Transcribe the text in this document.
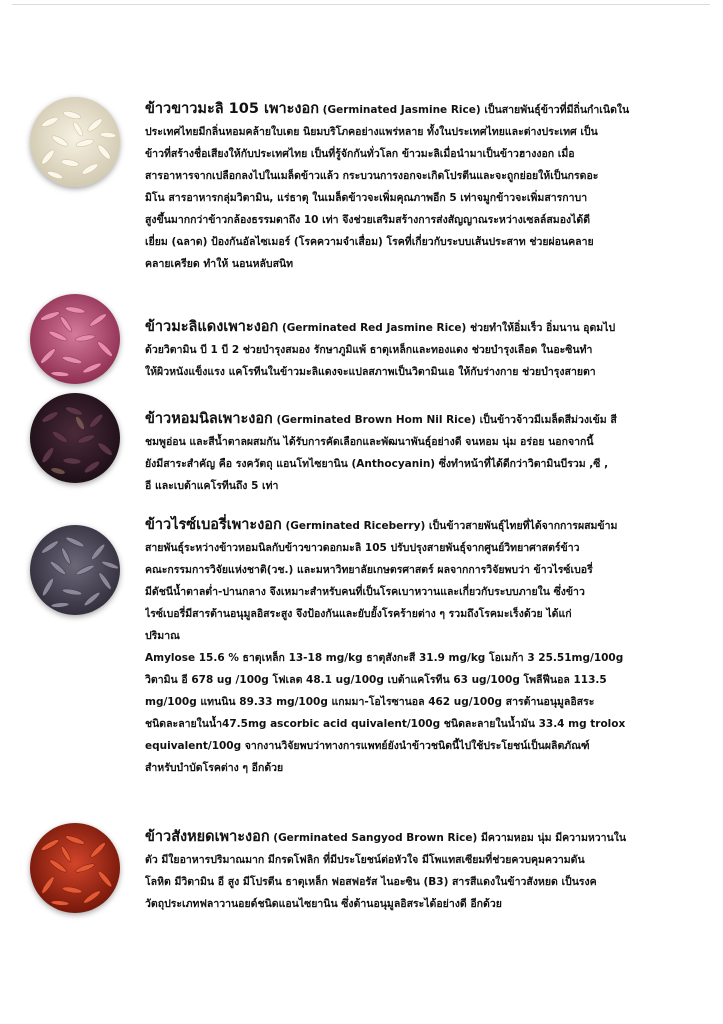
ข้าวขาวมะลิ 105 เพาะงอก (Germinated Jasmine Rice) เป็นสายพันธุ์ข้าวที่มีถิ่นกำเนิดใน
ประเทศไทยมีกลิ่นหอมคล้ายใบเตย นิยมบริโภคอย่างแพร่หลาย ทั้งในประเทศไทยและต่างประเทศ เป็น
ข้าวที่สร้างชื่อเสียงให้กับประเทศไทย เป็นที่รู้จักกันทั่วโลก ข้าวมะลิเมื่อนำมาเป็นข้าวฮางงอก เมื่อ
สารอาหารจากเปลือกลงไปในเมล็ดข้าวแล้ว กระบวนการงอกจะเกิดโปรตีนและจะถูกย่อยให้เป็นกรดอะ
มิโน สารอาหารกลุ่มวิตามิน, แร่ธาตุ ในเมล็ดข้าวจะเพิ่มคุณภาพอีก 5 เท่าจมูกข้าวจะเพิ่มสารกาบา
สูงขึ้นมากกว่าข้าวกล้องธรรมดาถึง 10 เท่า จึงช่วยเสริมสร้างการส่งสัญญาณระหว่างเซลล์สมองได้ดี
เยี่ยม (ฉลาด) ป้องกันอัลไซเมอร์ (โรคความจำเสื่อม) โรคที่เกี่ยวกับระบบเส้นประสาท ช่วยผ่อนคลาย
คลายเครียด ทำให้ นอนหลับสนิท

ข้าวมะลิแดงเพาะงอก (Germinated Red Jasmine Rice) ช่วยทำให้อิ่มเร็ว อิ่มนาน อุดมไป
ด้วยวิตามิน บี 1 บี 2 ช่วยบำรุงสมอง รักษาภูมิแพ้ ธาตุเหล็กและทองแดง ช่วยบำรุงเลือด ในอะซินทำ
ให้ผิวหนังแข็งแรง แคโรทีนในข้าวมะลิแดงจะแปลสภาพเป็นวิตามินเอ ให้กับร่างกาย ช่วยบำรุงสายตา

ข้าวหอมนิลเพาะงอก (Germinated Brown Hom Nil Rice) เป็นข้าวจ้าวมีเมล็ดสีม่วงเข้ม สี
ชมพูอ่อน และสีน้ำตาลผสมกัน ได้รับการคัดเลือกและพัฒนาพันธุ์อย่างดี จนหอม นุ่ม อร่อย นอกจากนี้
ยังมีสาระสำคัญ คือ รงควัตถุ แอนโทไซยานิน (Anthocyanin) ซึ่งทำหน้าที่ได้ดีกว่าวิตามินบีรวม ,ซี ,
อี และเบต้าแคโรทีนถึง 5 เท่า

ข้าวไรซ์เบอรี่เพาะงอก (Germinated Riceberry) เป็นข้าวสายพันธุ์ไทยที่ได้จากการผสมข้าม
สายพันธุ์ระหว่างข้าวหอมนิลกับข้าวขาวดอกมะลิ 105 ปรับปรุงสายพันธุ์จากศูนย์วิทยาศาสตร์ข้าว
คณะกรรมการวิจัยแห่งชาติ(วช.) และมหาวิทยาลัยเกษตรศาสตร์ ผลจากการวิจัยพบว่า ข้าวไรซ์เบอรี่
มีดัชนีน้ำตาลต่ำ-ปานกลาง จึงเหมาะสำหรับคนที่เป็นโรคเบาหวานและเกี่ยวกับระบบภายใน ซึ่งข้าว
ไรซ์เบอรี่มีสารต้านอนุมูลอิสระสูง จึงป้องกันและยับยั้งโรคร้ายต่าง ๆ รวมถึงโรคมะเร็งด้วย ได้แก่
ปริมาณ
Amylose 15.6 % ธาตุเหล็ก 13-18 mg/kg ธาตุสังกะสี 31.9 mg/kg โอเมก้า 3 25.51mg/100g
วิตามิน อี 678 ug /100g โฟเลต 48.1 ug/100g เบต้าแคโรทีน 63 ug/100g โพลีฟีนอล 113.5
mg/100g แทนนิน 89.33 mg/100g แกมมา-โอไรซานอล 462 ug/100g สารต้านอนุมูลอิสระ
ชนิดละลายในน้ำ47.5mg ascorbic acid quivalent/100g ชนิดละลายในน้ำมัน 33.4 mg trolox
equivalent/100g จากงานวิจัยพบว่าทางการแพทย์ยังนำข้าวชนิดนี้ไปใช้ประโยชน์เป็นผลิตภัณฑ์
สำหรับบำบัดโรคต่าง ๆ อีกด้วย

ข้าวสังหยดเพาะงอก (Germinated Sangyod Brown Rice) มีความหอม นุ่ม มีความหวานใน
ตัว มีใยอาหารปริมาณมาก มีกรดโฟลิก ที่มีประโยชน์ต่อหัวใจ มีโพแทสเซียมที่ช่วยควบคุมความดัน
โลหิต มีวิตามิน อี สูง มีโปรตีน ธาตุเหล็ก ฟอสฟอรัส ไนอะซิน (B3) สารสีแดงในข้าวสังหยด เป็นรงค
วัตถุประเภทฟลาวานอยด์ชนิดแอนไซยานิน ซึ่งต้านอนุมูลอิสระได้อย่างดี อีกด้วย
